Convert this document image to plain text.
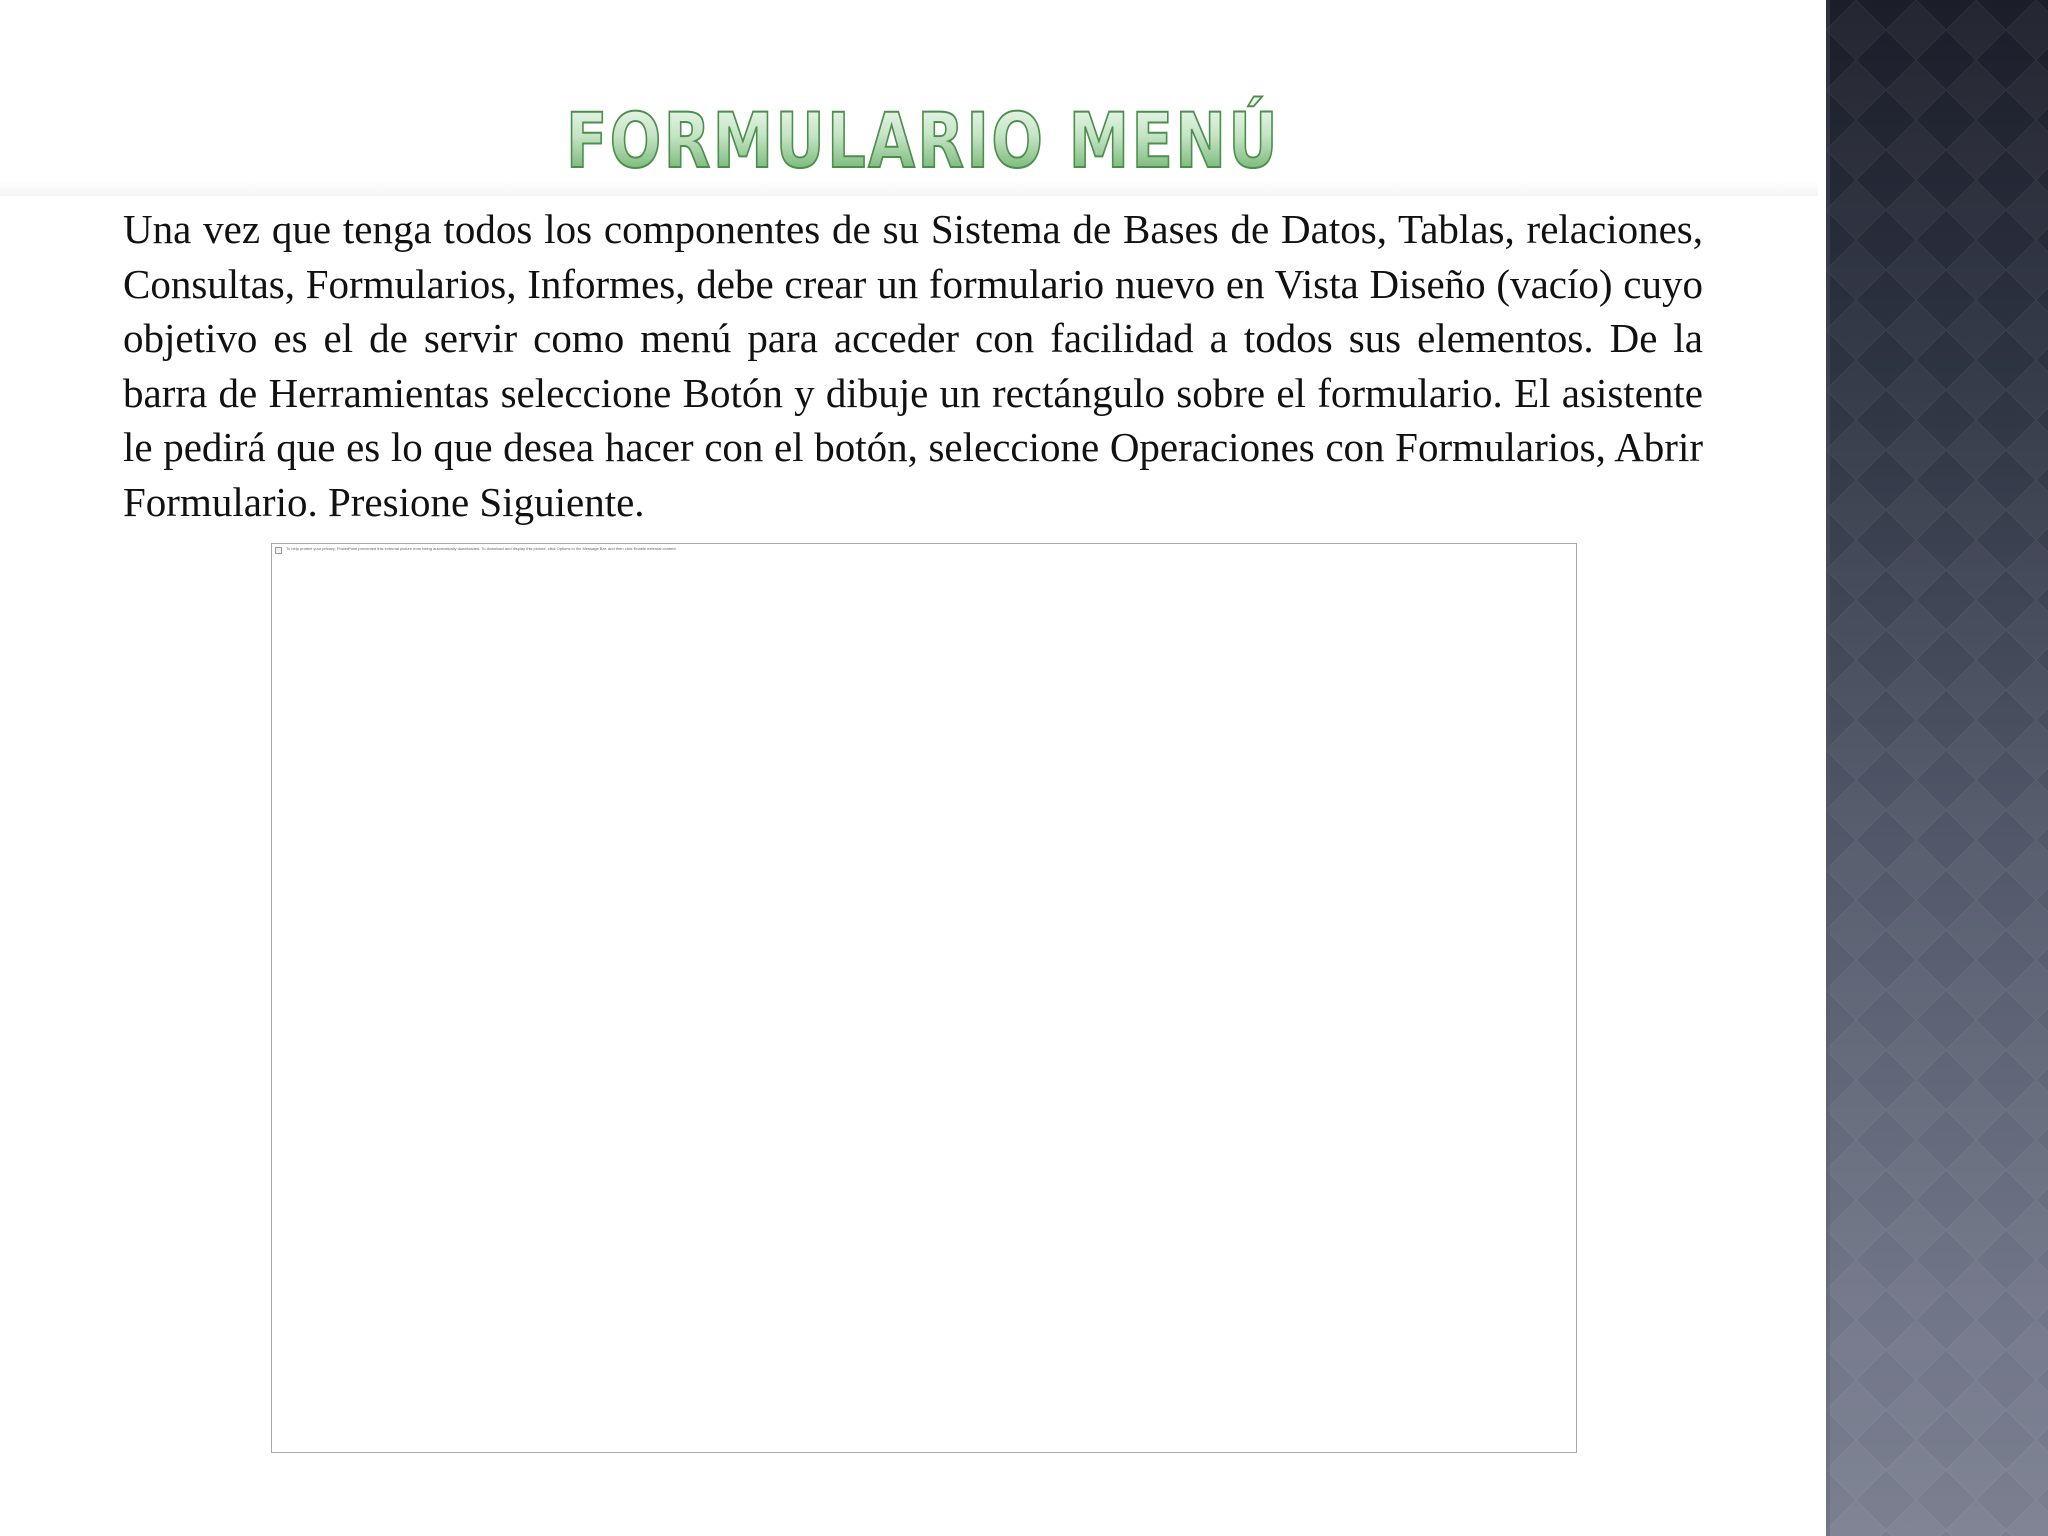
FORMULARIO MENÚ

Una vez que tenga todos los componentes de su Sistema de Bases de Datos, Tablas, relaciones, Consultas, Formularios, Informes, debe crear un formulario nuevo en Vista Diseño (vacío) cuyo objetivo es el de servir como menú para acceder con facilidad a todos sus elementos. De la barra de Herramientas seleccione Botón y dibuje un rectángulo sobre el formulario. El asistente le pedirá que es lo que desea hacer con el botón, seleccione Operaciones con Formularios, Abrir Formulario. Presione Siguiente.

To help protect your privacy, PowerPoint prevented this external picture from being automatically downloaded. To download and display this picture, click Options in the Message Bar, and then click Enable external content.
